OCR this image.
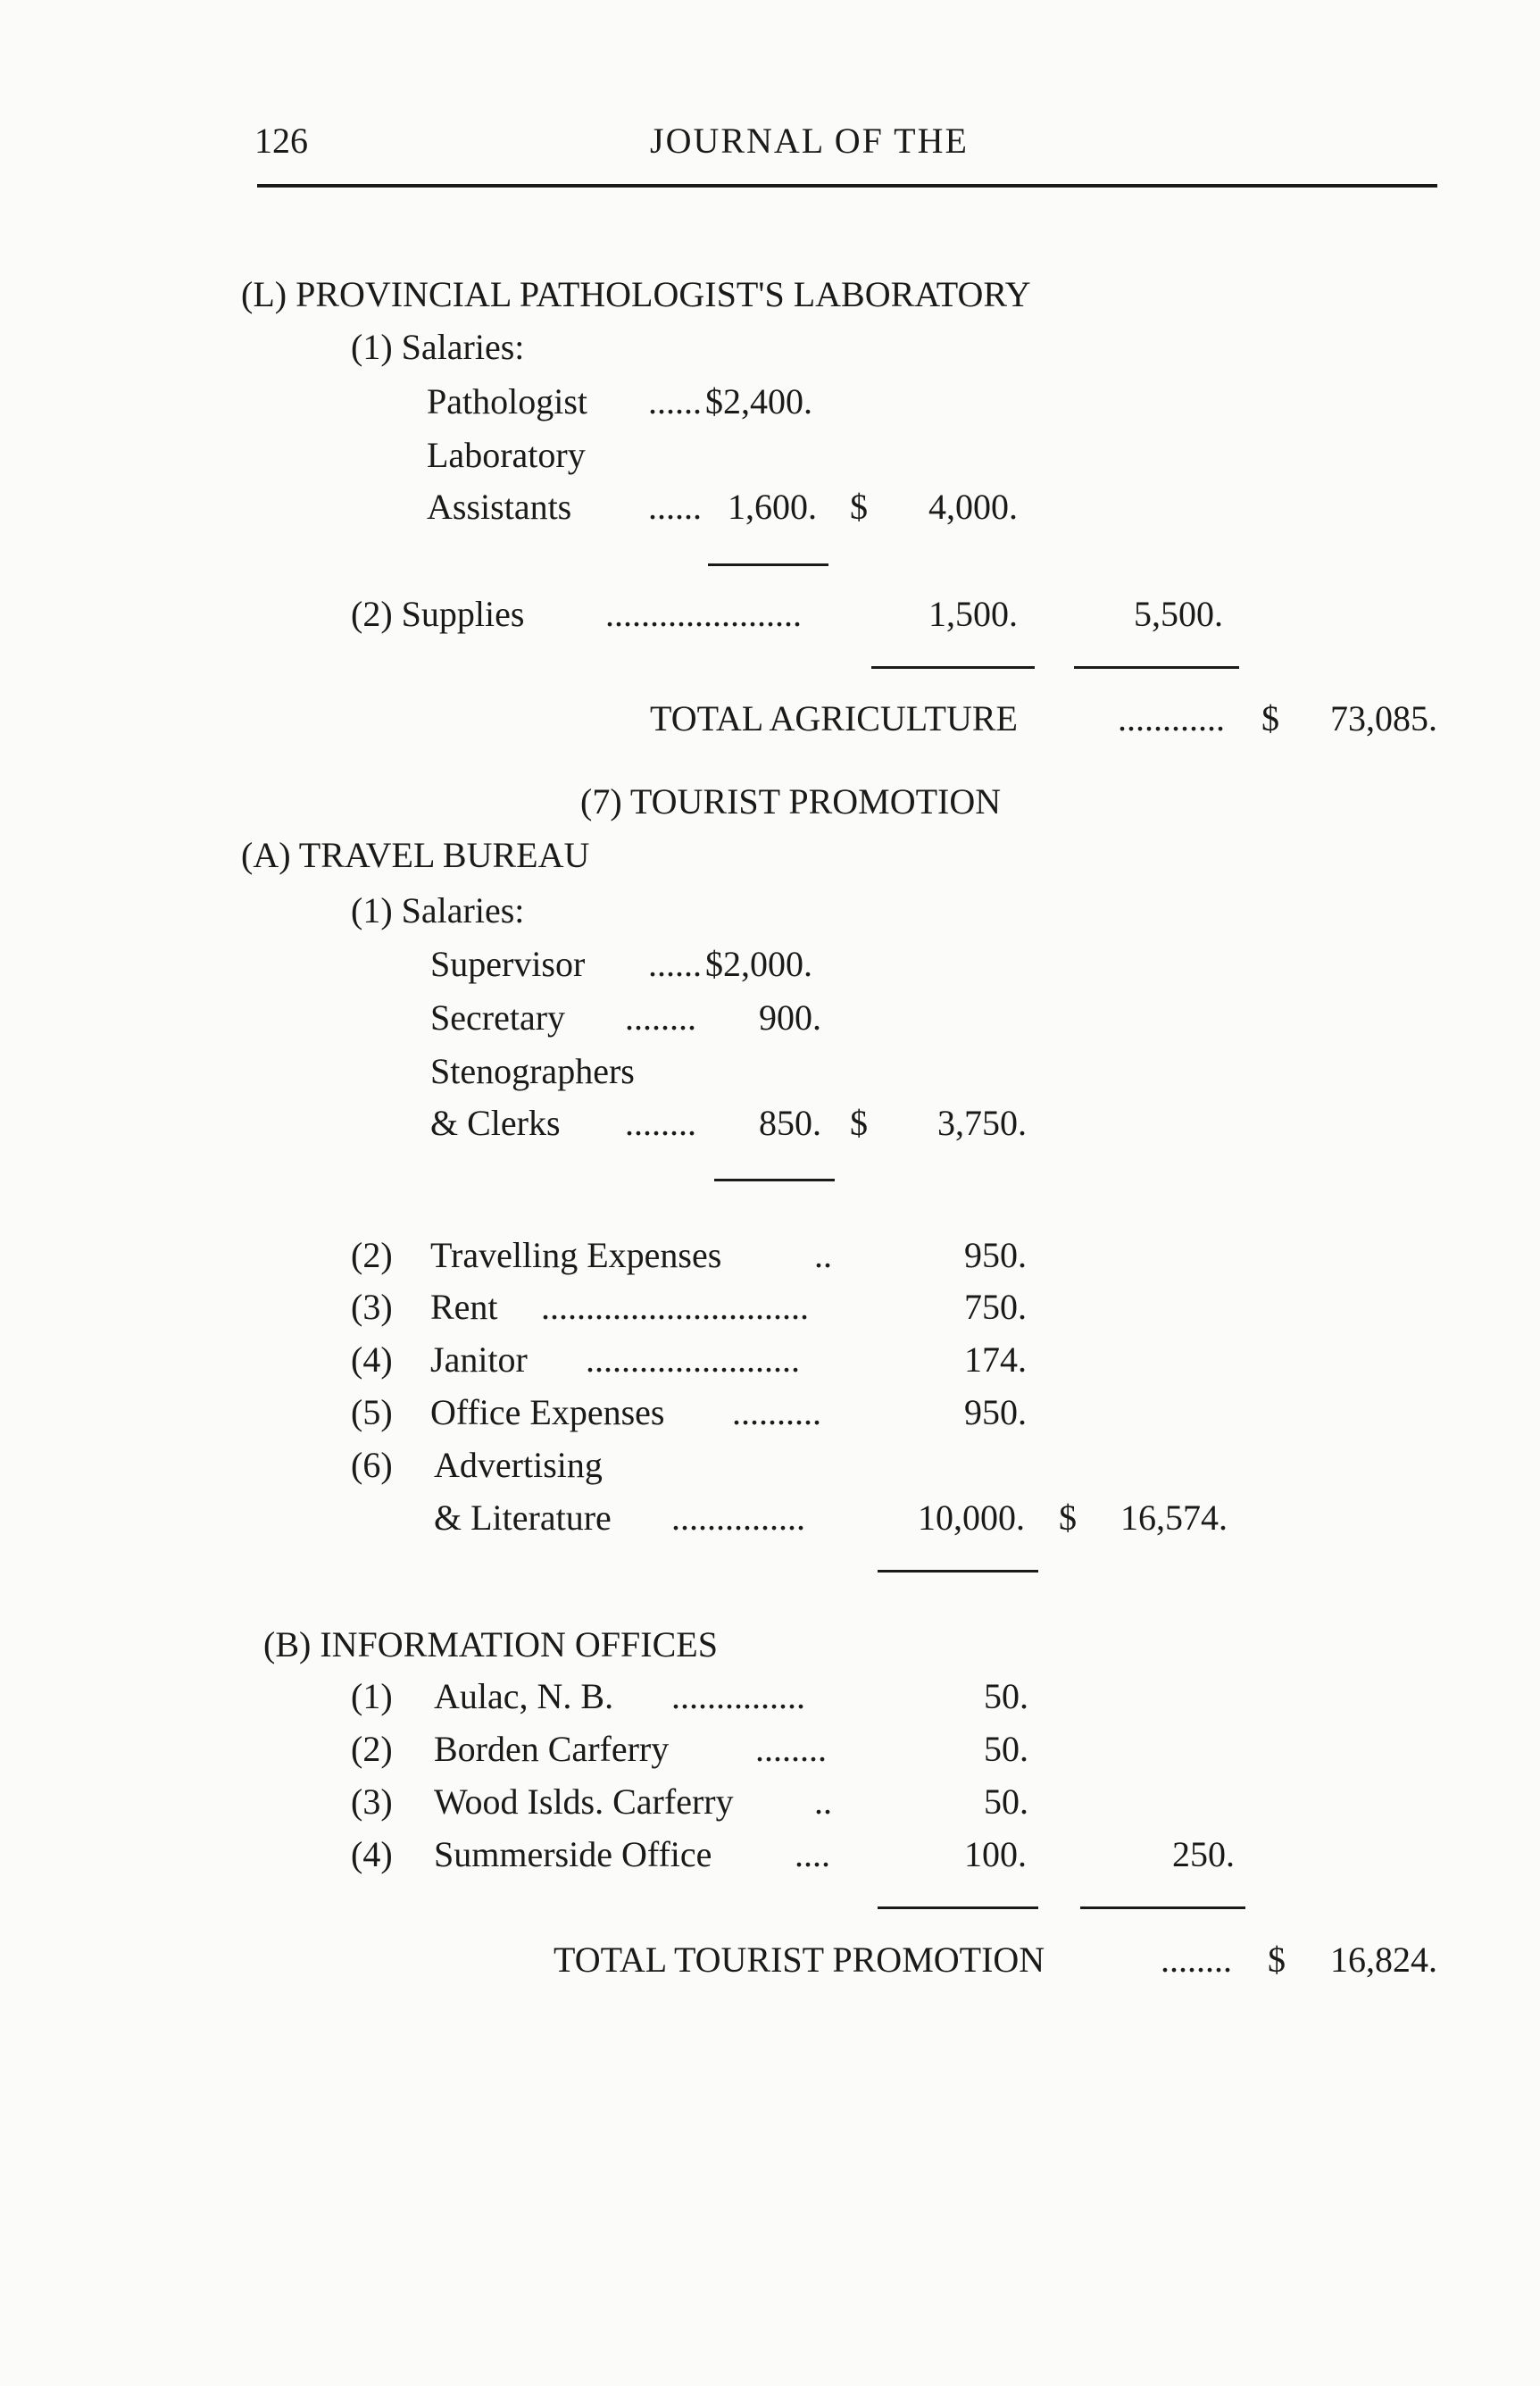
126	JOURNAL OF THE
(L) PROVINCIAL PATHOLOGIST'S LABORATORY
(1) Salaries:
Pathologist ...... $2,400.
Laboratory
Assistants ...... 1,600. $ 4,000.
(2) Supplies ......................	1,500.	5,500.
TOTAL AGRICULTURE	............ $ 73,085.
(7) TOURIST PROMOTION
(A) TRAVEL BUREAU
(1) Salaries:
Supervisor ...... $2,000.
Secretary ........ 900.
Stenographers
& Clerks ........ 850. $ 3,750.
(2) Travelling Expenses	..	950.
(3) Rent ..............................	750.
(4) Janitor ........................	174.
(5) Office Expenses ..........	950.
(6) Advertising
& Literature ...............	10,000. $ 16,574.
(B) INFORMATION OFFICES
(1) Aulac, N. B. ...............	50.
(2) Borden Carferry ........	50.
(3) Wood Islds. Carferry ..	50.
(4) Summerside Office ....	100.	250.
TOTAL TOURIST PROMOTION	........ $ 16,824.
